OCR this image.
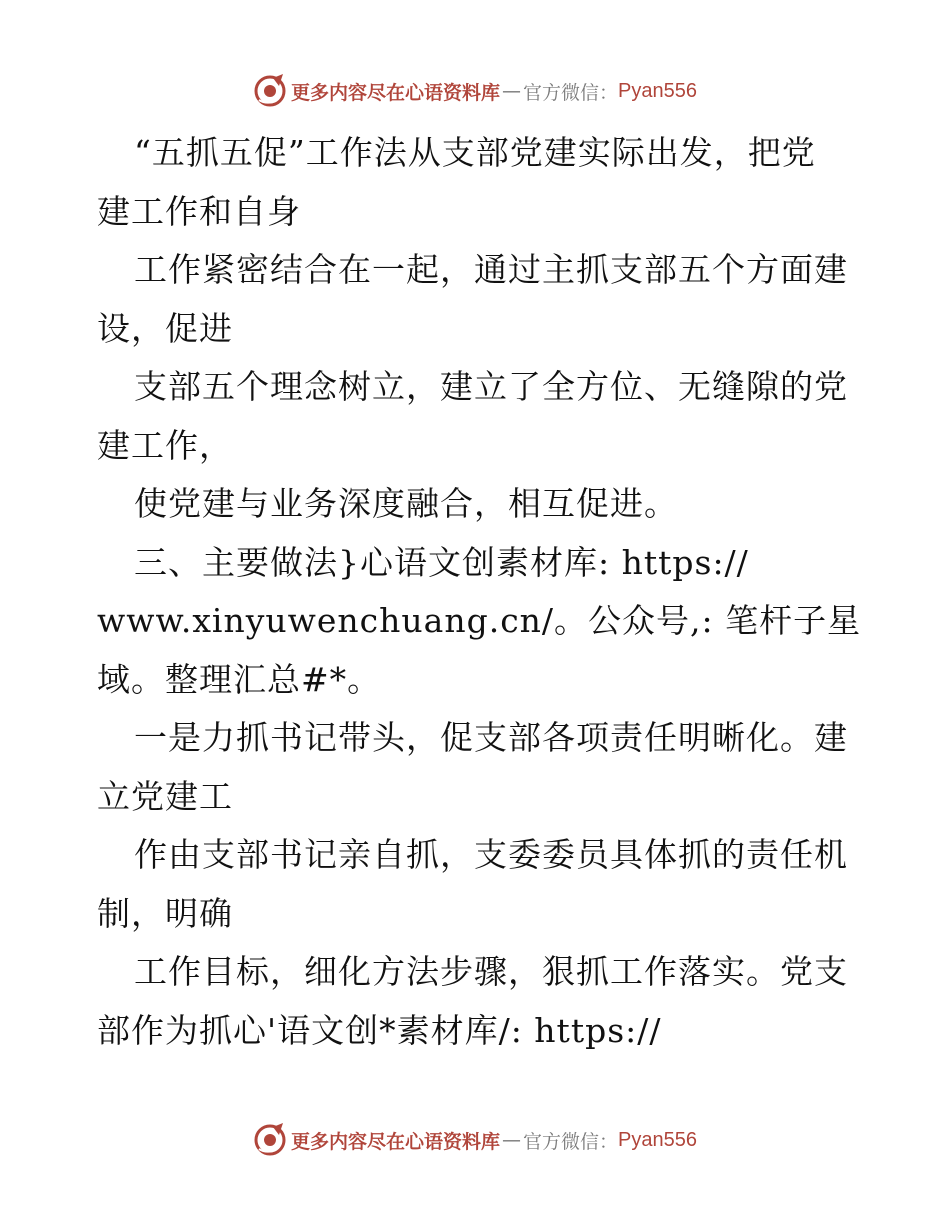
更多内容尽在心语资料库 — 官方微信： Pyan556
“五抓五促”工作法从支部党建实际出发，把党
建工作和自身
工作紧密结合在一起，通过主抓支部五个方面建
设，促进
支部五个理念树立，建立了全方位、无缝隙的党
建工作，
使党建与业务深度融合，相互促进。
三、主要做法}心语文创素材库: https://
www.xinyuwenchuang.cn/。公众号,: 笔杆子星
域。整理汇总#*。
一是力抓书记带头，促支部各项责任明晰化。建
立党建工
作由支部书记亲自抓，支委委员具体抓的责任机
制，明确
工作目标，细化方法步骤，狠抓工作落实。党支
部作为抓心'语文创*素材库/: https://
更多内容尽在心语资料库 — 官方微信： Pyan556
